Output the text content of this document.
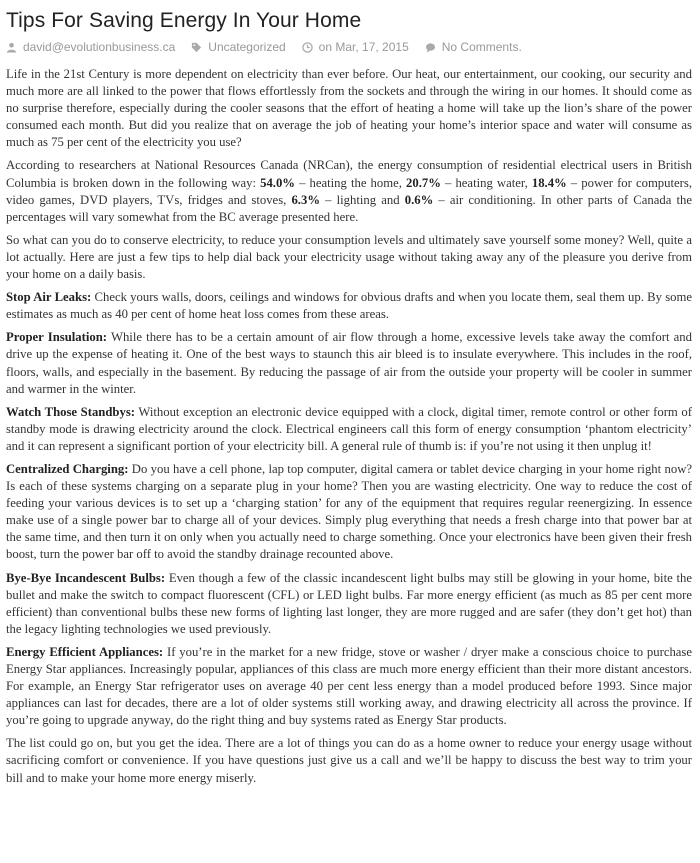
Tips For Saving Energy In Your Home
david@evolutionbusiness.ca	Uncategorized	on Mar, 17, 2015	No Comments.

Life in the 21st Century is more dependent on electricity than ever before. Our heat, our entertainment, our cooking, our security and much more are all linked to the power that flows effortlessly from the sockets and through the wiring in our homes. It should come as no surprise therefore, especially during the cooler seasons that the effort of heating a home will take up the lion’s share of the power consumed each month. But did you realize that on average the job of heating your home’s interior space and water will consume as much as 75 per cent of the electricity you use?

According to researchers at National Resources Canada (NRCan), the energy consumption of residential electrical users in British Columbia is broken down in the following way: 54.0% – heating the home, 20.7% – heating water, 18.4% – power for computers, video games, DVD players, TVs, fridges and stoves, 6.3% – lighting and 0.6% – air conditioning. In other parts of Canada the percentages will vary somewhat from the BC average presented here.

So what can you do to conserve electricity, to reduce your consumption levels and ultimately save yourself some money? Well, quite a lot actually. Here are just a few tips to help dial back your electricity usage without taking away any of the pleasure you derive from your home on a daily basis.

Stop Air Leaks: Check yours walls, doors, ceilings and windows for obvious drafts and when you locate them, seal them up. By some estimates as much as 40 per cent of home heat loss comes from these areas.

Proper Insulation: While there has to be a certain amount of air flow through a home, excessive levels take away the comfort and drive up the expense of heating it. One of the best ways to staunch this air bleed is to insulate everywhere. This includes in the roof, floors, walls, and especially in the basement. By reducing the passage of air from the outside your property will be cooler in summer and warmer in the winter.

Watch Those Standbys: Without exception an electronic device equipped with a clock, digital timer, remote control or other form of standby mode is drawing electricity around the clock. Electrical engineers call this form of energy consumption ‘phantom electricity’ and it can represent a significant portion of your electricity bill. A general rule of thumb is: if you’re not using it then unplug it!

Centralized Charging: Do you have a cell phone, lap top computer, digital camera or tablet device charging in your home right now? Is each of these systems charging on a separate plug in your home? Then you are wasting electricity. One way to reduce the cost of feeding your various devices is to set up a ‘charging station’ for any of the equipment that requires regular reenergizing. In essence make use of a single power bar to charge all of your devices. Simply plug everything that needs a fresh charge into that power bar at the same time, and then turn it on only when you actually need to charge something. Once your electronics have been given their fresh boost, turn the power bar off to avoid the standby drainage recounted above.

Bye-Bye Incandescent Bulbs: Even though a few of the classic incandescent light bulbs may still be glowing in your home, bite the bullet and make the switch to compact fluorescent (CFL) or LED light bulbs. Far more energy efficient (as much as 85 per cent more efficient) than conventional bulbs these new forms of lighting last longer, they are more rugged and are safer (they don’t get hot) than the legacy lighting technologies we used previously.

Energy Efficient Appliances: If you’re in the market for a new fridge, stove or washer / dryer make a conscious choice to purchase Energy Star appliances. Increasingly popular, appliances of this class are much more energy efficient than their more distant ancestors. For example, an Energy Star refrigerator uses on average 40 per cent less energy than a model produced before 1993. Since major appliances can last for decades, there are a lot of older systems still working away, and drawing electricity all across the province. If you’re going to upgrade anyway, do the right thing and buy systems rated as Energy Star products.

The list could go on, but you get the idea. There are a lot of things you can do as a home owner to reduce your energy usage without sacrificing comfort or convenience. If you have questions just give us a call and we’ll be happy to discuss the best way to trim your bill and to make your home more energy miserly.
